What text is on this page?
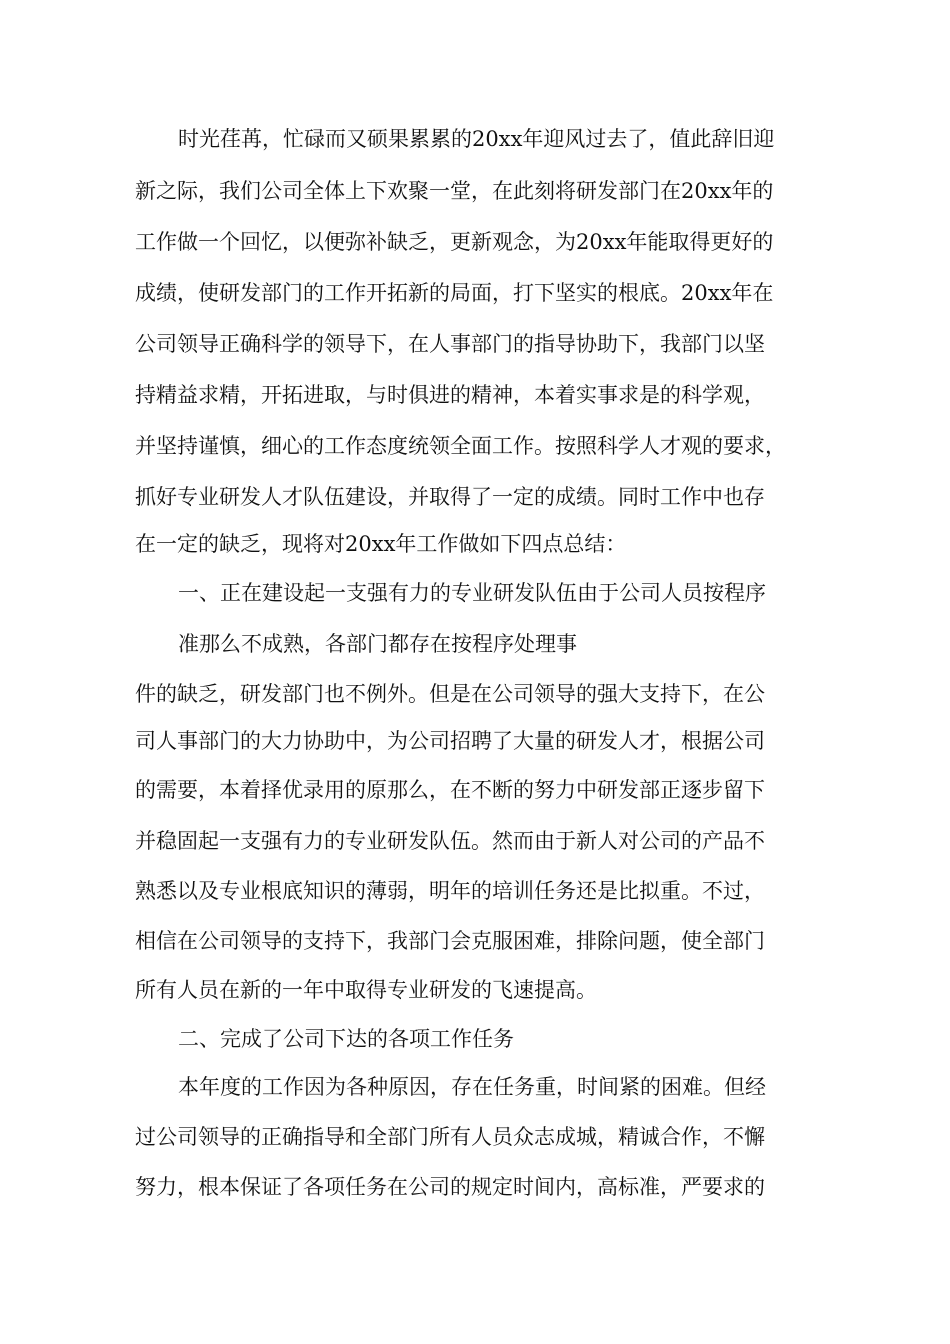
时光荏苒，忙碌而又硕果累累的20xx年迎风过去了，值此辞旧迎
新之际，我们公司全体上下欢聚一堂，在此刻将研发部门在20xx年的
工作做一个回忆，以便弥补缺乏，更新观念，为20xx年能取得更好的
成绩，使研发部门的工作开拓新的局面，打下坚实的根底。20xx年在
公司领导正确科学的领导下，在人事部门的指导协助下，我部门以坚
持精益求精，开拓进取，与时俱进的精神，本着实事求是的科学观，
并坚持谨慎，细心的工作态度统领全面工作。按照科学人才观的要求，
抓好专业研发人才队伍建设，并取得了一定的成绩。同时工作中也存
在一定的缺乏，现将对20xx年工作做如下四点总结：
一、正在建设起一支强有力的专业研发队伍由于公司人员按程序
准那么不成熟，各部门都存在按程序处理事
件的缺乏，研发部门也不例外。但是在公司领导的强大支持下，在公
司人事部门的大力协助中，为公司招聘了大量的研发人才，根据公司
的需要，本着择优录用的原那么，在不断的努力中研发部正逐步留下
并稳固起一支强有力的专业研发队伍。然而由于新人对公司的产品不
熟悉以及专业根底知识的薄弱，明年的培训任务还是比拟重。不过，
相信在公司领导的支持下，我部门会克服困难，排除问题，使全部门
所有人员在新的一年中取得专业研发的飞速提高。
二、完成了公司下达的各项工作任务
本年度的工作因为各种原因，存在任务重，时间紧的困难。但经
过公司领导的正确指导和全部门所有人员众志成城，精诚合作，不懈
努力，根本保证了各项任务在公司的规定时间内，高标准，严要求的
